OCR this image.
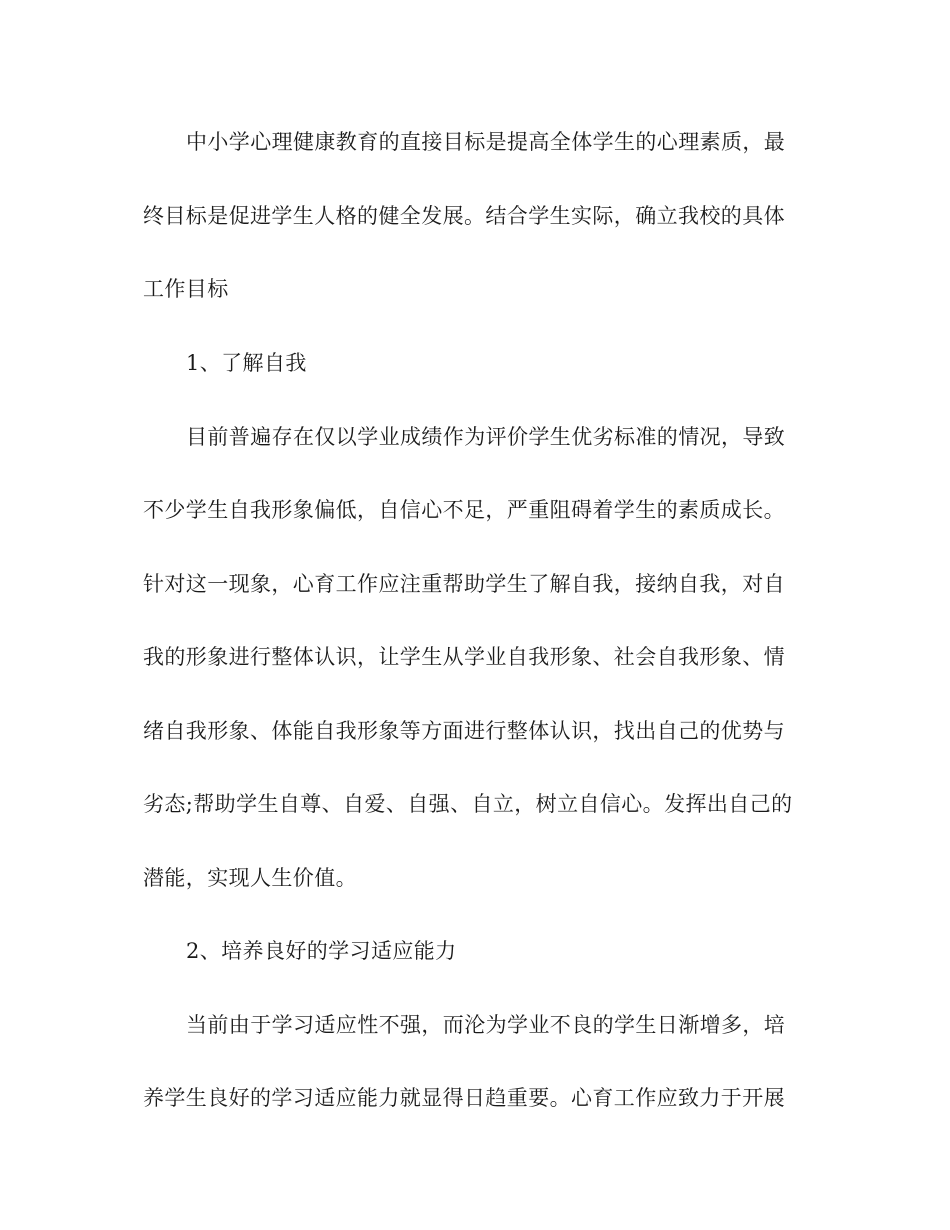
中小学心理健康教育的直接目标是提高全体学生的心理素质，最
终目标是促进学生人格的健全发展。结合学生实际，确立我校的具体
工作目标
1、了解自我
目前普遍存在仅以学业成绩作为评价学生优劣标准的情况，导致
不少学生自我形象偏低，自信心不足，严重阻碍着学生的素质成长。
针对这一现象，心育工作应注重帮助学生了解自我，接纳自我，对自
我的形象进行整体认识，让学生从学业自我形象、社会自我形象、情
绪自我形象、体能自我形象等方面进行整体认识，找出自己的优势与
劣态;帮助学生自尊、自爱、自强、自立，树立自信心。发挥出自己的
潜能，实现人生价值。
2、培养良好的学习适应能力
当前由于学习适应性不强，而沦为学业不良的学生日渐增多，培
养学生良好的学习适应能力就显得日趋重要。心育工作应致力于开展
